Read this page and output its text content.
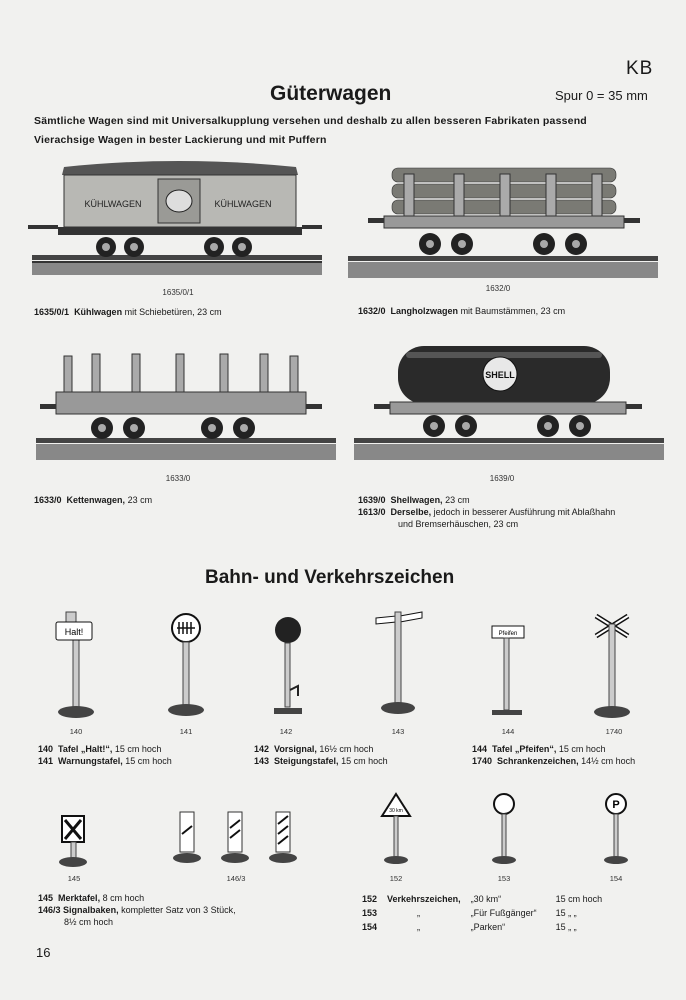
KB
Güterwagen	Spur 0 = 35 mm
Sämtliche Wagen sind mit Universalkupplung versehen und deshalb zu allen besseren Fabrikaten passend
Vierachsige Wagen in bester Lackierung und mit Puffern
KÜHLWAGEN	KÜHLWAGEN
1635/0/1	1632/0
1635/0/1 Kühlwagen mit Schiebetüren, 23 cm	1632/0 Langholzwagen mit Baumstämmen, 23 cm
1633/0
SHELL
1639/0
1633/0 Kettenwagen, 23 cm	1639/0 Shellwagen, 23 cm
1613/0 Derselbe, jedoch in besserer Ausführung mit Ablaßhahn
und Bremserhäuschen, 23 cm
Bahn- und Verkehrszeichen
Halt!	Pfeifen
140	141	142	143	144	1740
140 Tafel „Halt!“, 15 cm hoch
141 Warnungstafel, 15 cm hoch
142 Vorsignal, 16½ cm hoch
143 Steigungstafel, 15 cm hoch
144 Tafel „Pfeifen“, 15 cm hoch
1740 Schrankenzeichen, 14½ cm hoch
30 km	P
145	146/3	152	153	154
145 Merktafel, 8 cm hoch
146/3 Signalbaken, kompletter Satz von 3 Stück,
8½ cm hoch
152	Verkehrszeichen,	„30 km“	15 cm hoch
153	„	„Für Fußgänger“	15 „ „
154	„	„Parken“	15 „ „
16
